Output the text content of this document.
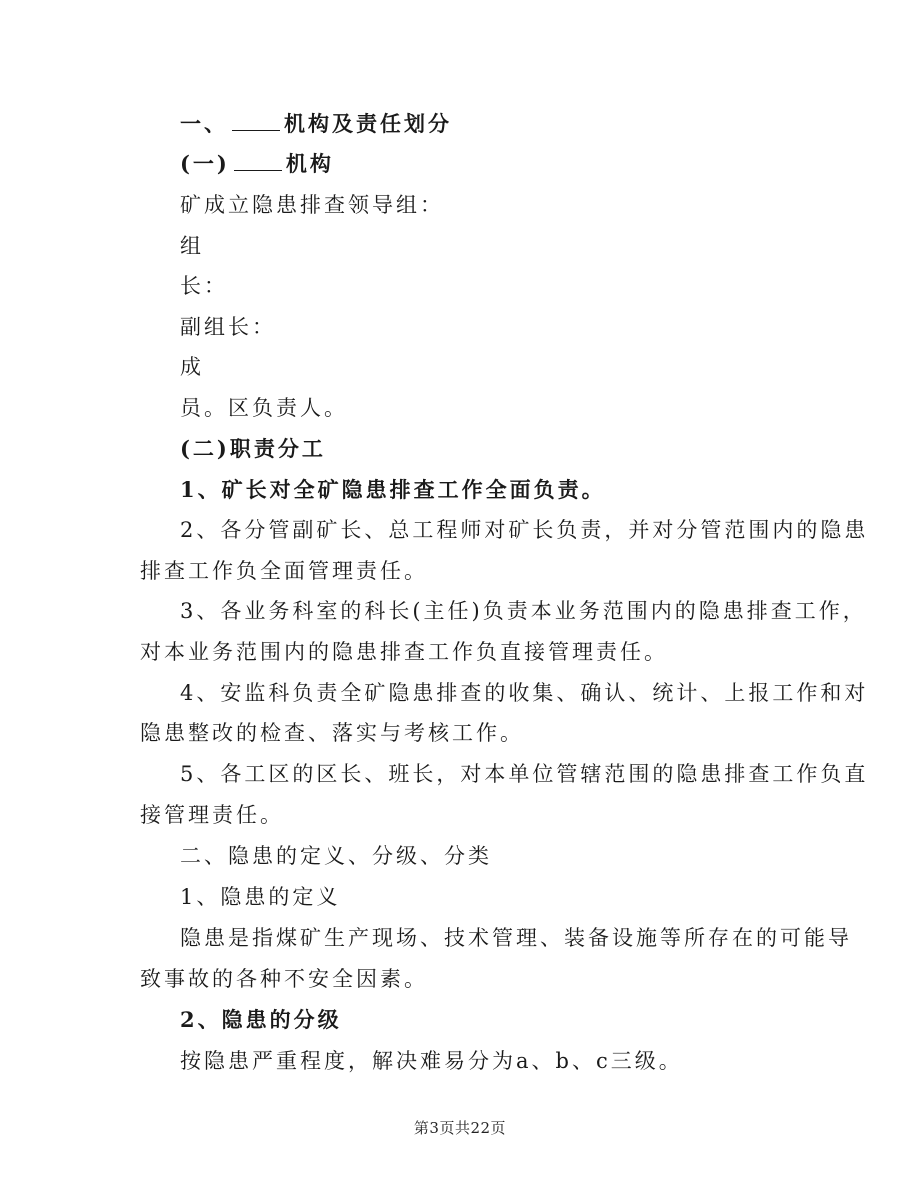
一、	机构及责任划分
(一)	机构
矿成立隐患排查领导组：
组
长：
副组长：
成
员。区负责人。
(二)职责分工
1、矿长对全矿隐患排查工作全面负责。
2、各分管副矿长、总工程师对矿长负责，并对分管范围内的隐患
排查工作负全面管理责任。
3、各业务科室的科长(主任)负责本业务范围内的隐患排查工作，
对本业务范围内的隐患排查工作负直接管理责任。
4、安监科负责全矿隐患排查的收集、确认、统计、上报工作和对
隐患整改的检查、落实与考核工作。
5、各工区的区长、班长，对本单位管辖范围的隐患排查工作负直
接管理责任。
二、隐患的定义、分级、分类
1、隐患的定义
隐患是指煤矿生产现场、技术管理、装备设施等所存在的可能导
致事故的各种不安全因素。
2、隐患的分级
按隐患严重程度，解决难易分为a、b、c三级。
第3页共22页
